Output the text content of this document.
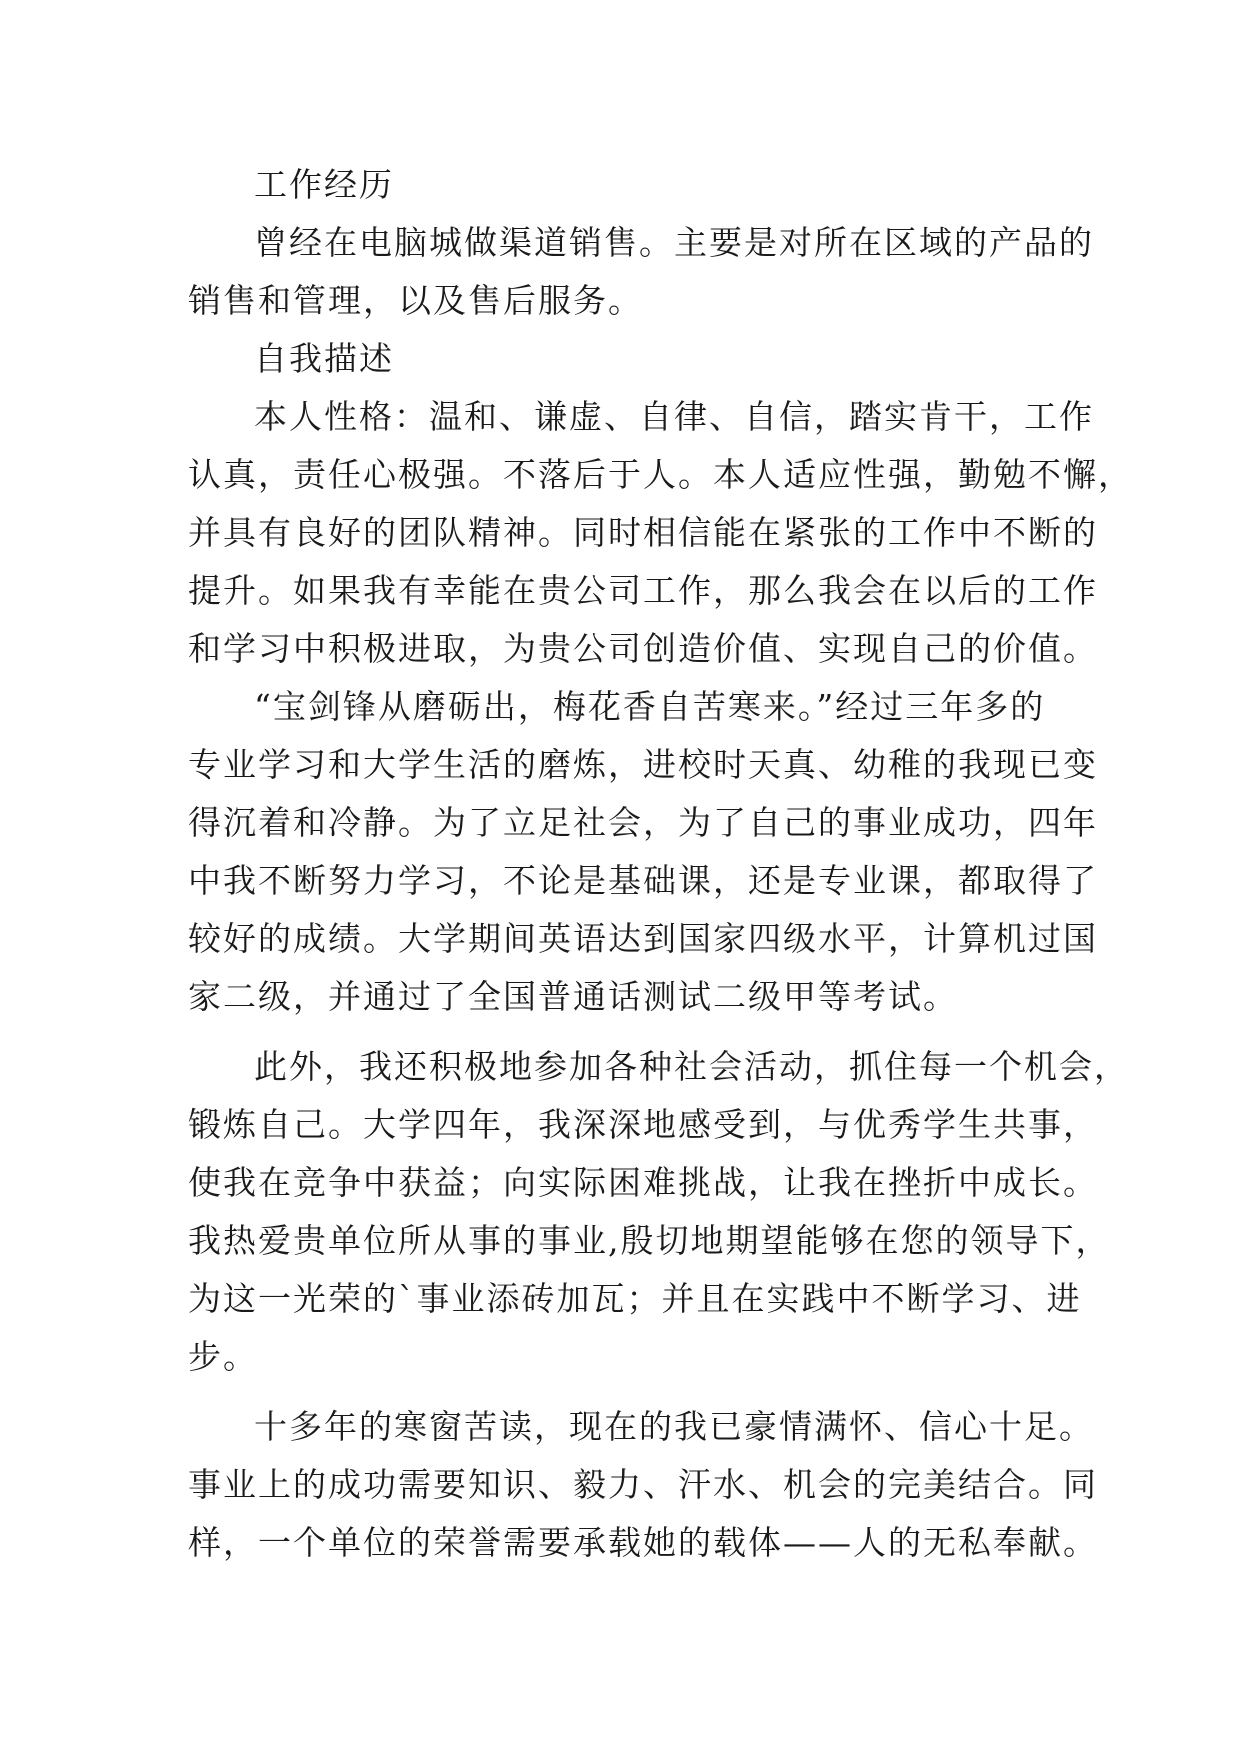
工作经历
曾经在电脑城做渠道销售。主要是对所在区域的产品的
销售和管理，以及售后服务。
自我描述
本人性格：温和、谦虚、自律、自信，踏实肯干，工作
认真，责任心极强。不落后于人。本人适应性强，勤勉不懈，
并具有良好的团队精神。同时相信能在紧张的工作中不断的
提升。如果我有幸能在贵公司工作，那么我会在以后的工作
和学习中积极进取，为贵公司创造价值、实现自己的价值。
“宝剑锋从磨砺出，梅花香自苦寒来。”经过三年多的
专业学习和大学生活的磨炼，进校时天真、幼稚的我现已变
得沉着和冷静。为了立足社会，为了自己的事业成功，四年
中我不断努力学习，不论是基础课，还是专业课，都取得了
较好的成绩。大学期间英语达到国家四级水平，计算机过国
家二级，并通过了全国普通话测试二级甲等考试。
此外，我还积极地参加各种社会活动，抓住每一个机会，
锻炼自己。大学四年，我深深地感受到，与优秀学生共事，
使我在竞争中获益；向实际困难挑战，让我在挫折中成长。
我热爱贵单位所从事的事业,殷切地期望能够在您的领导下，
为这一光荣的`事业添砖加瓦；并且在实践中不断学习、进
步。
十多年的寒窗苦读，现在的我已豪情满怀、信心十足。
事业上的成功需要知识、毅力、汗水、机会的完美结合。同
样，一个单位的荣誉需要承载她的载体——人的无私奉献。
